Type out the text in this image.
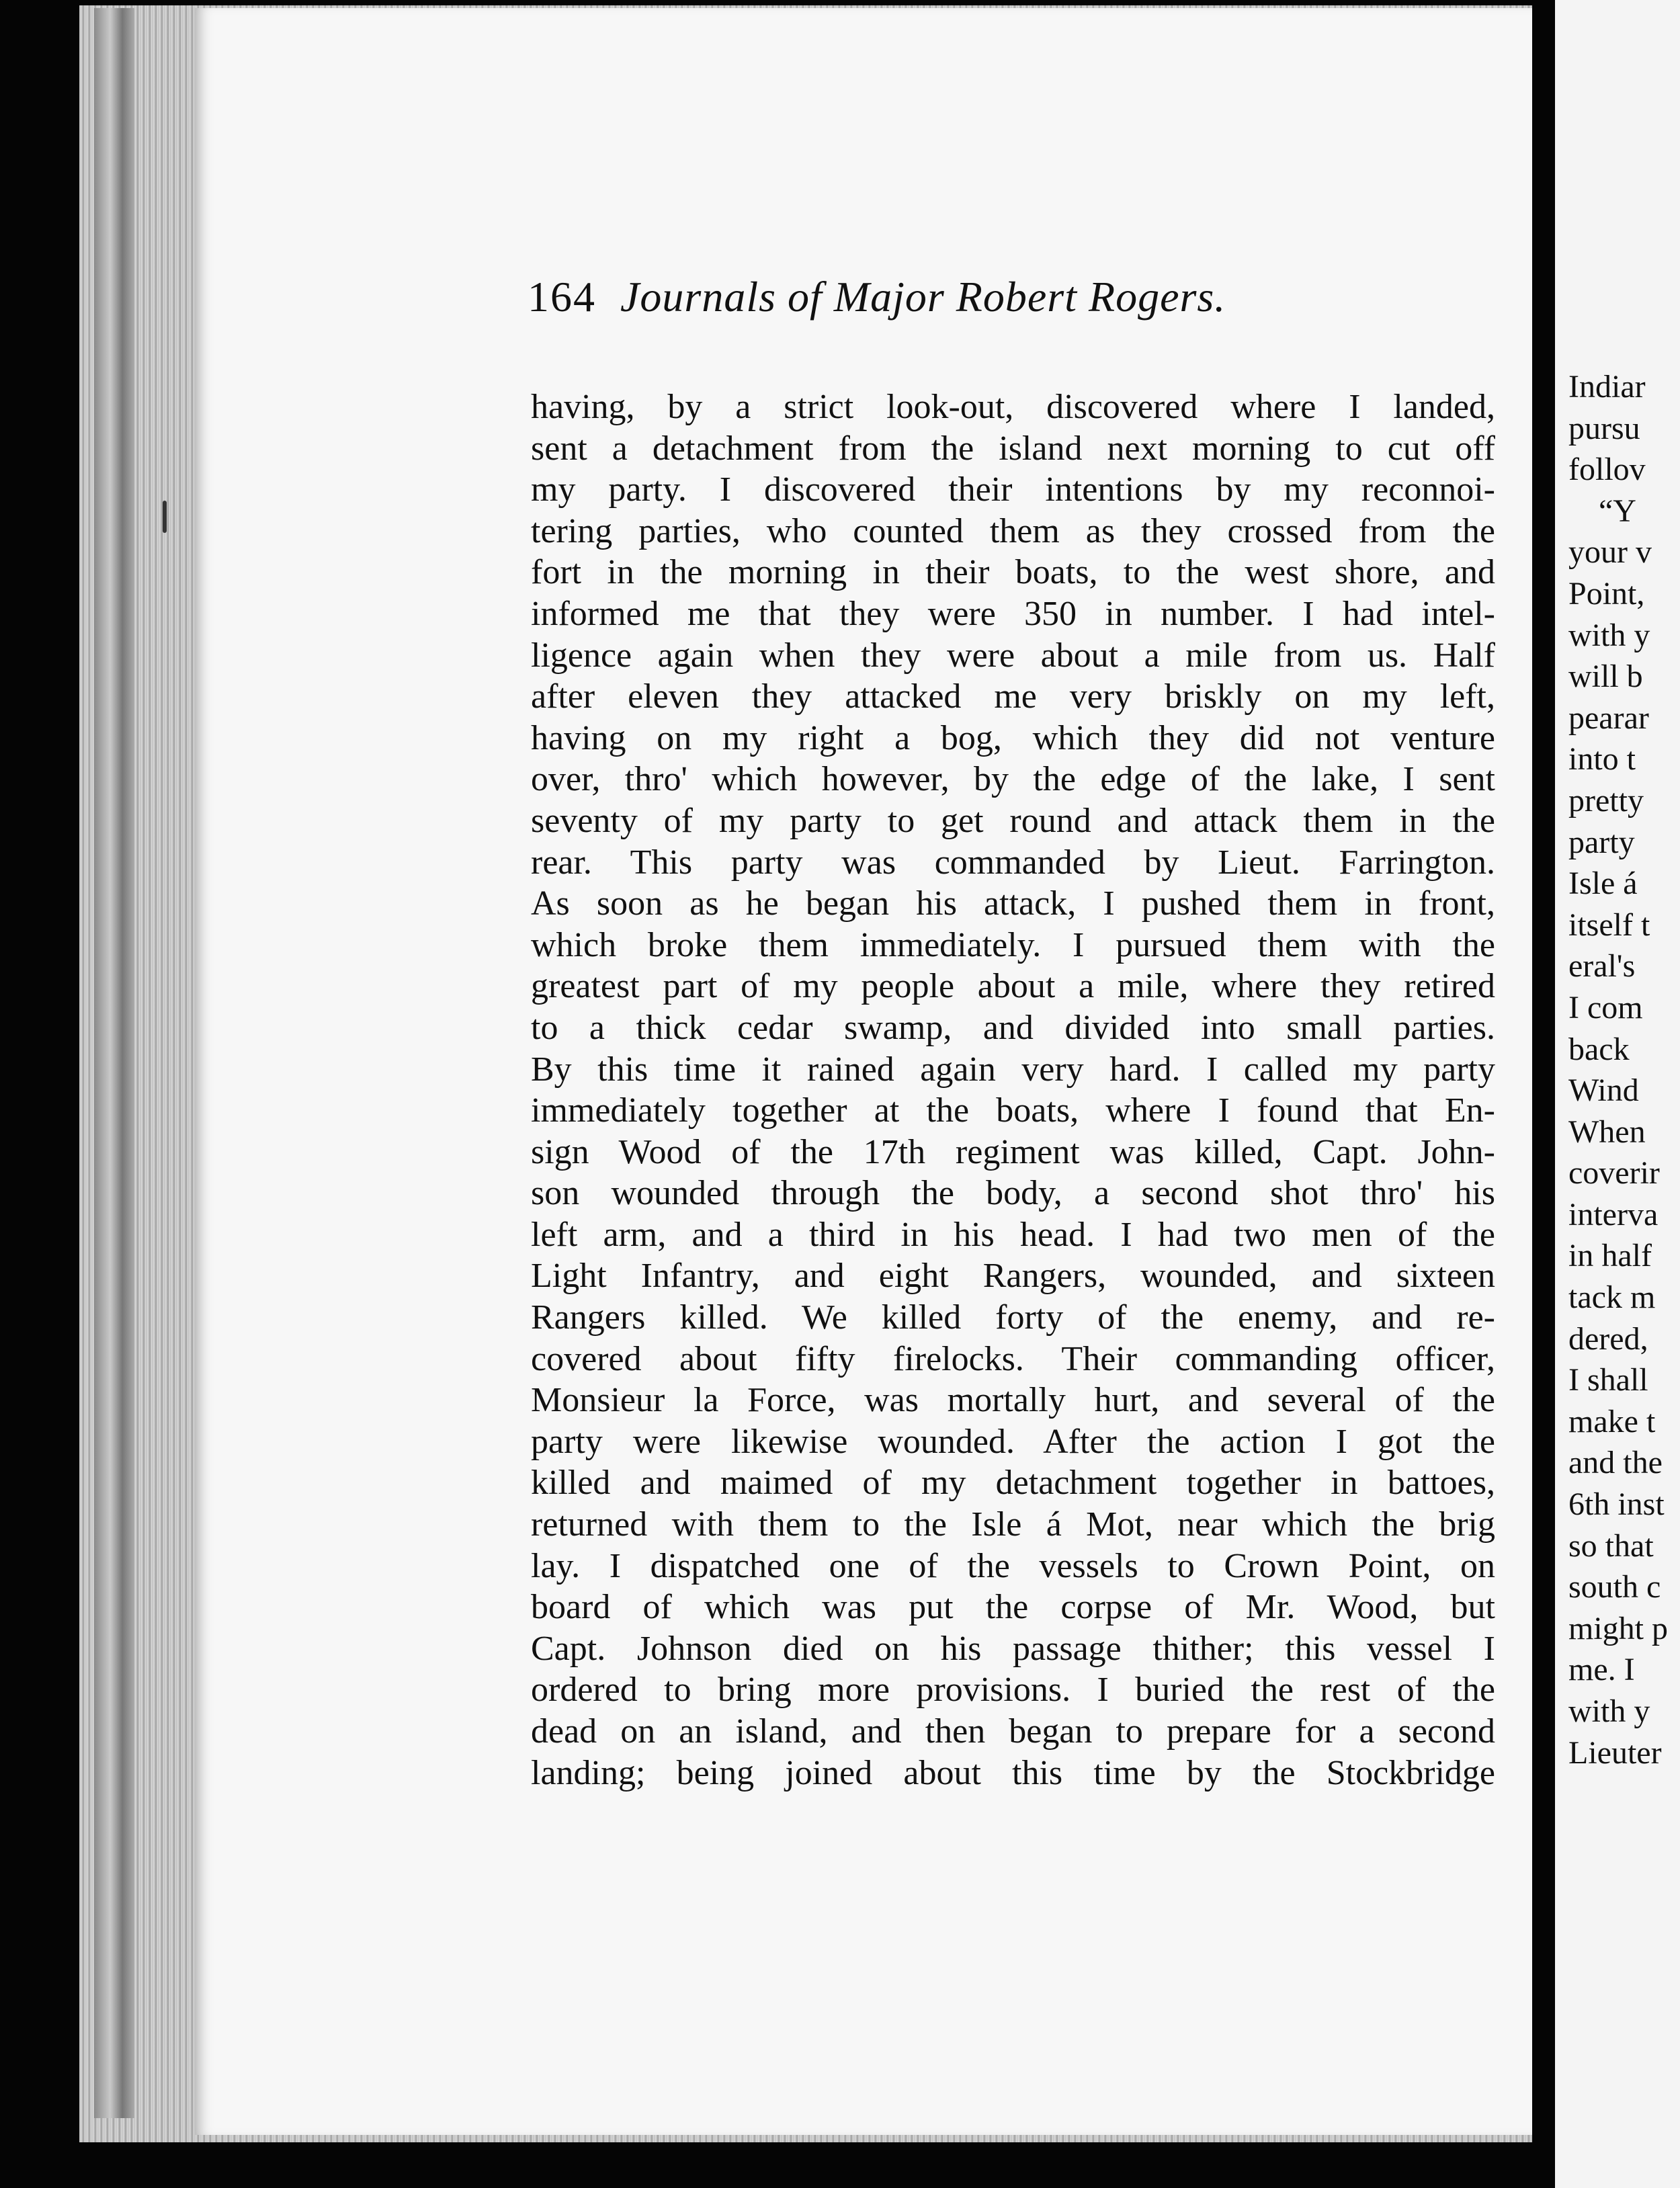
164 Journals of Major Robert Rogers.
having, by a strict look-out, discovered where I landed,
sent a detachment from the island next morning to cut off
my party. I discovered their intentions by my reconnoi-
tering parties, who counted them as they crossed from the
fort in the morning in their boats, to the west shore, and
informed me that they were 350 in number. I had intel-
ligence again when they were about a mile from us. Half
after eleven they attacked me very briskly on my left,
having on my right a bog, which they did not venture
over, thro' which however, by the edge of the lake, I sent
seventy of my party to get round and attack them in the
rear. This party was commanded by Lieut. Farrington.
As soon as he began his attack, I pushed them in front,
which broke them immediately. I pursued them with the
greatest part of my people about a mile, where they retired
to a thick cedar swamp, and divided into small parties.
By this time it rained again very hard. I called my party
immediately together at the boats, where I found that En-
sign Wood of the 17th regiment was killed, Capt. John-
son wounded through the body, a second shot thro' his
left arm, and a third in his head. I had two men of the
Light Infantry, and eight Rangers, wounded, and sixteen
Rangers killed. We killed forty of the enemy, and re-
covered about fifty firelocks. Their commanding officer,
Monsieur la Force, was mortally hurt, and several of the
party were likewise wounded. After the action I got the
killed and maimed of my detachment together in battoes,
returned with them to the Isle á Mot, near which the brig
lay. I dispatched one of the vessels to Crown Point, on
board of which was put the corpse of Mr. Wood, but
Capt. Johnson died on his passage thither; this vessel I
ordered to bring more provisions. I buried the rest of the
dead on an island, and then began to prepare for a second
landing; being joined about this time by the Stockbridge
Indiar
pursu
follov
“Y
your v
Point,
with y
will b
pearar
into t
pretty
party
Isle á
itself t
eral's
I com
back
Wind
When
coverir
interva
in half
tack m
dered,
I shall
make t
and the
6th inst
so that
south c
might p
me. I
with y
Lieuter
